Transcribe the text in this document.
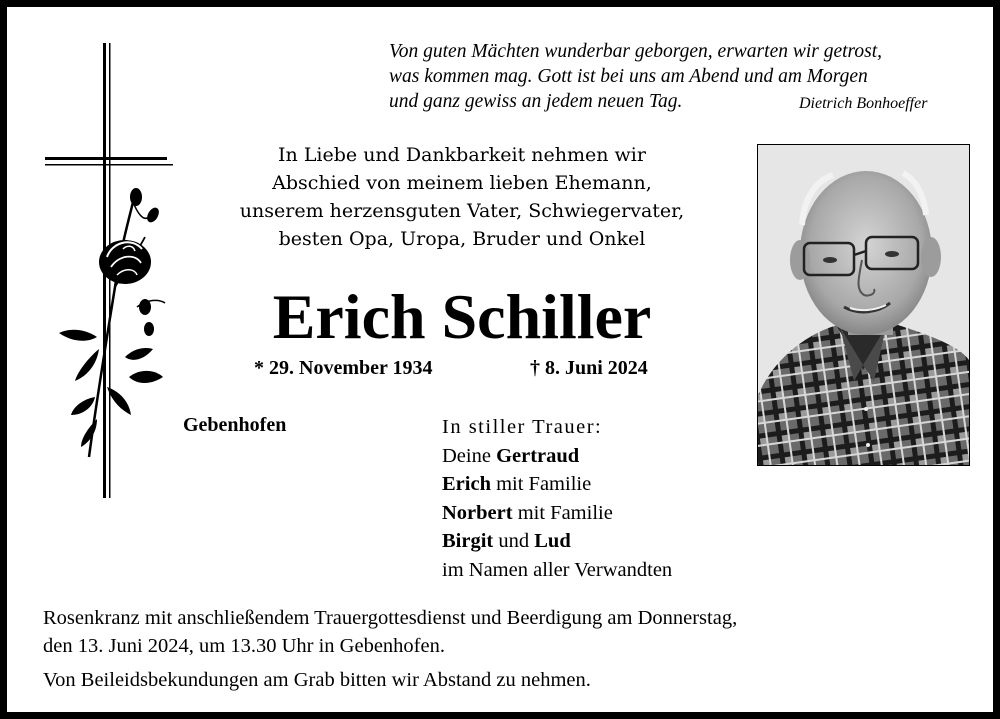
Von guten Mächten wunderbar geborgen, erwarten wir getrost,
was kommen mag. Gott ist bei uns am Abend und am Morgen
und ganz gewiss an jedem neuen Tag.	Dietrich Bonhoeffer
In Liebe und Dankbarkeit nehmen wir
Abschied von meinem lieben Ehemann,
unserem herzensguten Vater, Schwiegervater,
besten Opa, Uropa, Bruder und Onkel
Erich Schiller
* 29. November 1934	† 8. Juni 2024
Gebenhofen	In stiller Trauer:
Deine Gertraud
Erich mit Familie
Norbert mit Familie
Birgit und Lud
im Namen aller Verwandten
Rosenkranz mit anschließendem Trauergottesdienst und Beerdigung am Donnerstag,
den 13. Juni 2024, um 13.30 Uhr in Gebenhofen.
Von Beileidsbekundungen am Grab bitten wir Abstand zu nehmen.
